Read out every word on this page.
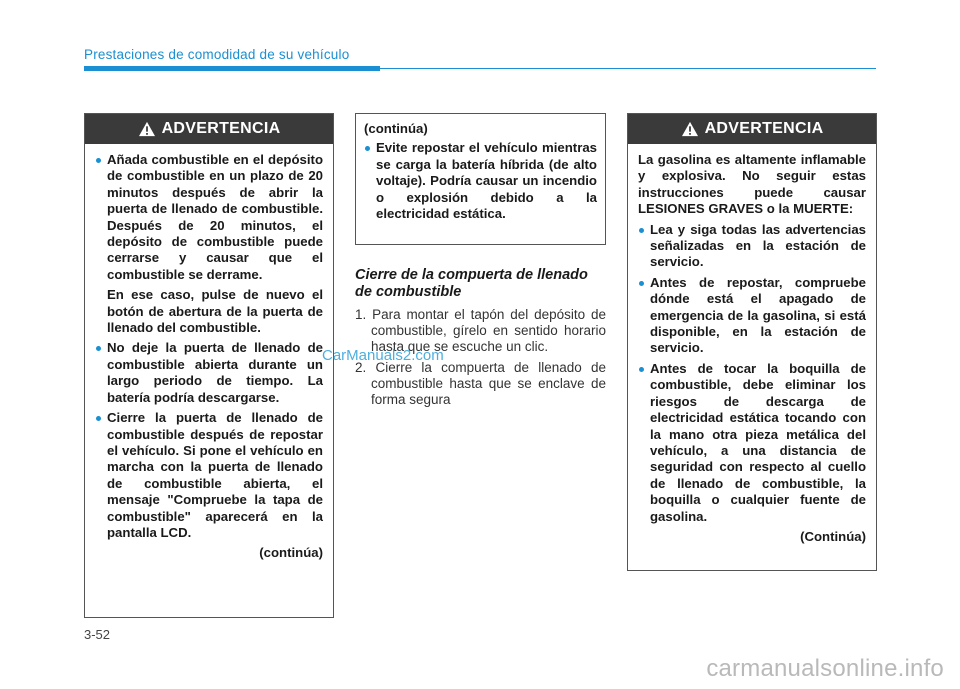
Prestaciones de comodidad de su vehículo
ADVERTENCIA
Añada combustible en el depósito de combustible en un plazo de 20 minutos después de abrir la puerta de llenado de combustible. Después de 20 minutos, el depósito de combustible puede cerrarse y causar que el combustible se derrame.
En ese caso, pulse de nuevo el botón de abertura de la puerta de llenado del combustible.
No deje la puerta de llenado de combustible abierta durante un largo periodo de tiempo. La batería podría descargarse.
Cierre la puerta de llenado de combustible después de repostar el vehículo. Si pone el vehículo en marcha con la puerta de llenado de combustible abierta, el mensaje "Compruebe la tapa de combustible" aparecerá en la pantalla LCD.
(continúa)
(continúa)
Evite repostar el vehículo mientras se carga la batería híbrida (de alto voltaje). Podría causar un incendio o explosión debido a la electricidad estática.
Cierre de la compuerta de llenado de combustible
1. Para montar el tapón del depósito de combustible, gírelo en sentido horario hasta que se escuche un clic.
2. Cierre la compuerta de llenado de combustible hasta que se enclave de forma segura
ADVERTENCIA
La gasolina es altamente inflamable y explosiva. No seguir estas instrucciones puede causar LESIONES GRAVES o la MUERTE:
Lea y siga todas las advertencias señalizadas en la estación de servicio.
Antes de repostar, compruebe dónde está el apagado de emergencia de la gasolina, si está disponible, en la estación de servicio.
Antes de tocar la boquilla de combustible, debe eliminar los riesgos de descarga de electricidad estática tocando con la mano otra pieza metálica del vehículo, a una distancia de seguridad con respecto al cuello de llenado de combustible, la boquilla o cualquier fuente de gasolina.
(Continúa)
CarManuals2.com
3-52
carmanualsonline.info
